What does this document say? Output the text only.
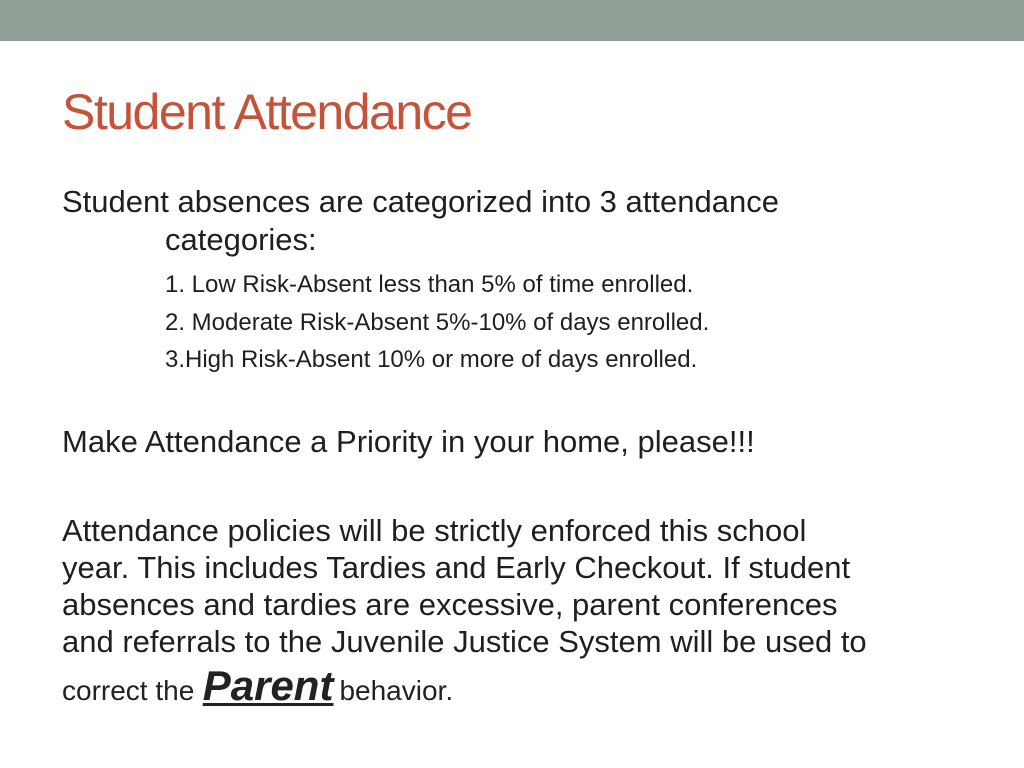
Student Attendance

Student absences are categorized into 3 attendance

categories:

1. Low Risk-Absent less than 5% of time enrolled.

2. Moderate Risk-Absent 5%-10% of days enrolled.

3.High Risk-Absent 10% or more of days enrolled.

Make Attendance a Priority in your home, please!!!

Attendance policies will be strictly enforced this school

year. This includes Tardies and Early Checkout. If student

absences and tardies are excessive, parent conferences

and referrals to the Juvenile Justice System will be used to

correct the Parent behavior.
